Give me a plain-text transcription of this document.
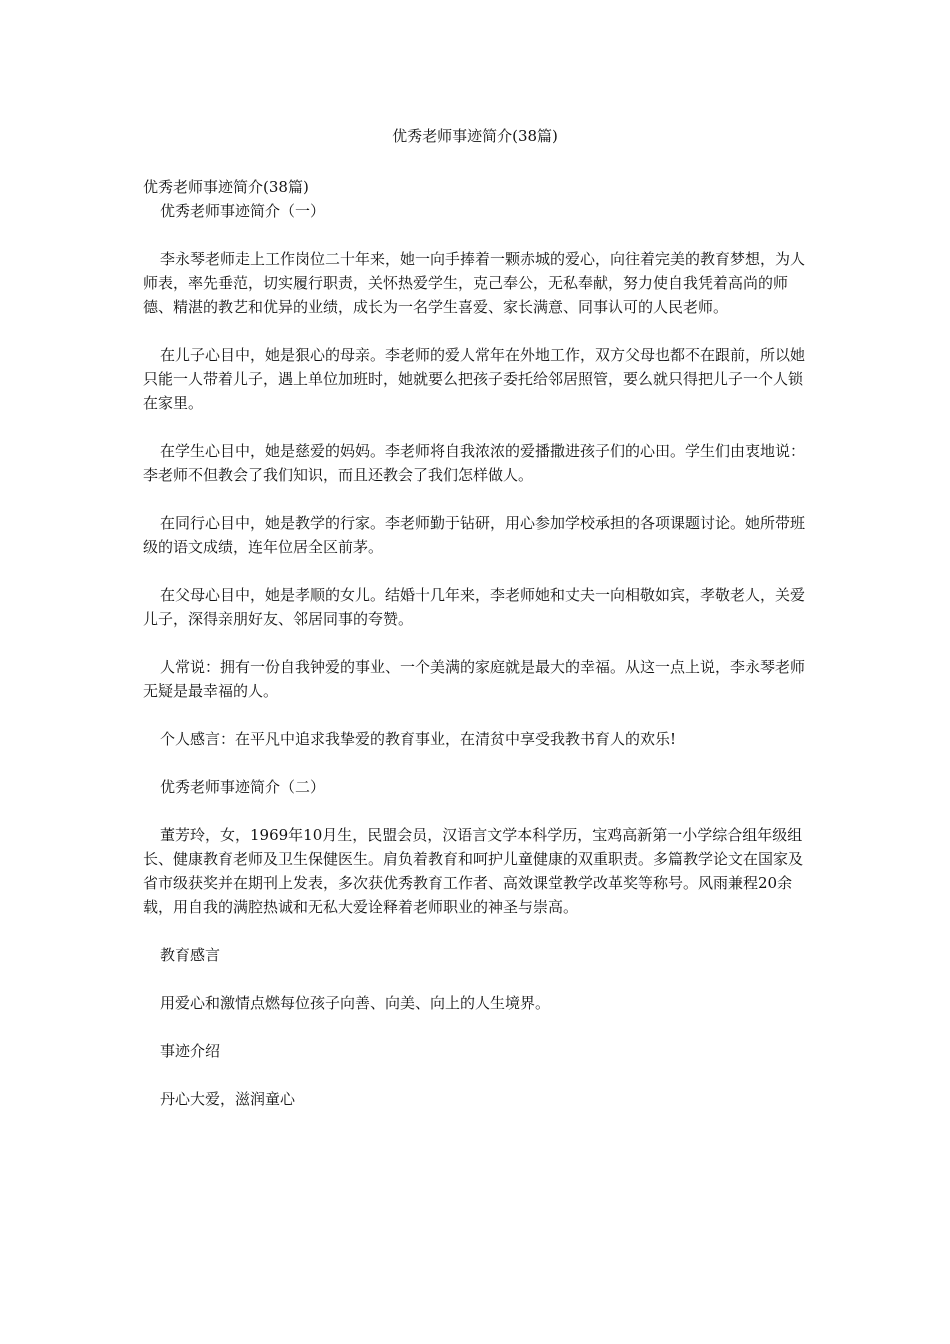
优秀老师事迹简介(38篇)
优秀老师事迹简介(38篇)
优秀老师事迹简介（一）

李永琴老师走上工作岗位二十年来，她一向手捧着一颗赤城的爱心，向往着完美的教育梦想，为人师表，率先垂范，切实履行职责，关怀热爱学生，克己奉公，无私奉献，努力使自我凭着高尚的师德、精湛的教艺和优异的业绩，成长为一名学生喜爱、家长满意、同事认可的人民老师。

在儿子心目中，她是狠心的母亲。李老师的爱人常年在外地工作，双方父母也都不在跟前，所以她只能一人带着儿子，遇上单位加班时，她就要么把孩子委托给邻居照管，要么就只得把儿子一个人锁在家里。

在学生心目中，她是慈爱的妈妈。李老师将自我浓浓的爱播撒进孩子们的心田。学生们由衷地说：李老师不但教会了我们知识，而且还教会了我们怎样做人。

在同行心目中，她是教学的行家。李老师勤于钻研，用心参加学校承担的各项课题讨论。她所带班级的语文成绩，连年位居全区前茅。

在父母心目中，她是孝顺的女儿。结婚十几年来，李老师她和丈夫一向相敬如宾，孝敬老人，关爱儿子，深得亲朋好友、邻居同事的夸赞。

人常说：拥有一份自我钟爱的事业、一个美满的家庭就是最大的幸福。从这一点上说，李永琴老师无疑是最幸福的人。

个人感言：在平凡中追求我挚爱的教育事业，在清贫中享受我教书育人的欢乐!

优秀老师事迹简介（二）

董芳玲，女，1969年10月生，民盟会员，汉语言文学本科学历，宝鸡高新第一小学综合组年级组长、健康教育老师及卫生保健医生。肩负着教育和呵护儿童健康的双重职责。多篇教学论文在国家及省市级获奖并在期刊上发表，多次获优秀教育工作者、高效课堂教学改革奖等称号。风雨兼程20余载，用自我的满腔热诚和无私大爱诠释着老师职业的神圣与崇高。

教育感言

用爱心和激情点燃每位孩子向善、向美、向上的人生境界。

事迹介绍

丹心大爱，滋润童心
